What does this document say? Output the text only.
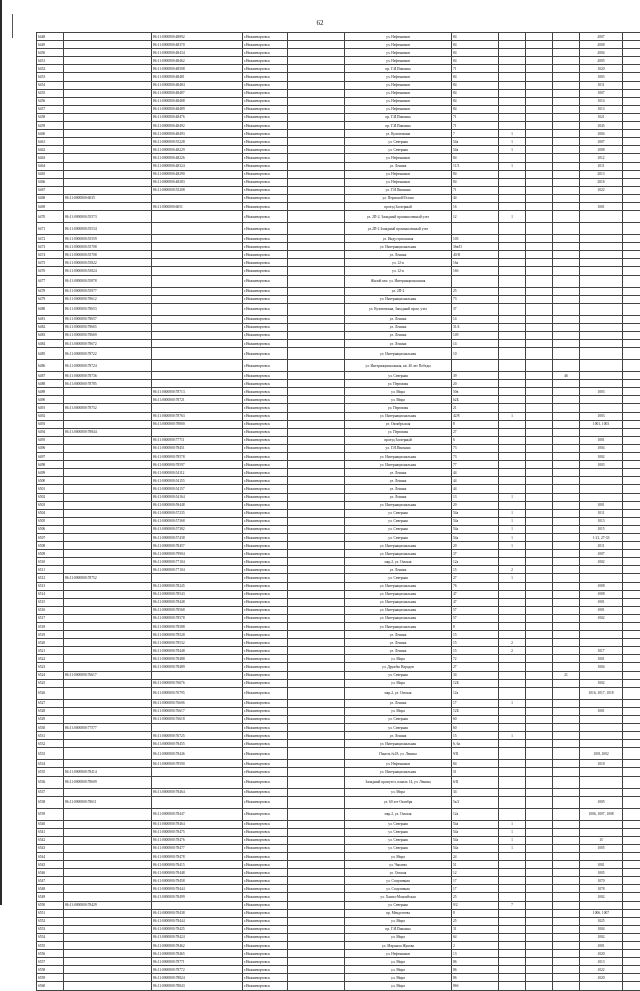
62
6448		86:11:0000000:48892	г.Нижневартовск		ул. Нефтяников	84				2007	
6449		86:11:0000000:48370	г.Нижневартовск		ул. Нефтяников	84				2008	
6450		86:11:0000000:48434	г.Нижневартовск		ул. Нефтяников	84				2004	
6451		86:11:0000000:48462	г.Нижневартовск		ул. Нефтяников	84				2005	
6452		86:11:0000000:48508	г.Нижневартовск		пр. Г.И.Пикмана	71				1020	
6453		86:11:0000000:48481	г.Нижневартовск		ул. Нефтяников	84				1003	
6454		86:11:0000000:48484	г.Нижневартовск		ул. Нефтяников	84				1011	
6455		86:11:0000000:48487	г.Нижневартовск		ул. Нефтяников	84				1007	
6456		86:11:0000000:48488	г.Нижневартовск		ул. Нефтяников	84				1014	
6457		86:11:0000000:48489	г.Нижневартовск		ул. Нефтяников	84				1013	
6458		86:11:0000000:48476	г.Нижневартовск		пр. Г.И.Пикмана	71				1021	
6459		86:11:0000000:48492	г.Нижневартовск		пр. Г.И.Пикмана	71				1045	
6460		86:11:0000000:48493	г.Нижневартовск		ул. Кузоваткина	7	1			1004	
6461		86:11:0000000:55228	г.Нижневартовск		ул. Северная	54а	1			1007	
6462		86:11:0000000:48229	г.Нижневартовск		ул. Северная	54а	1			1008	
6463		86:11:0000000:48226	г.Нижневартовск		ул. Нефтяников	84				1012	
6464		86:11:0000000:48324	г.Нижневартовск		ул. Ленина	11/3	1			1011	
6465		86:11:0000000:48290	г.Нижневартовск		ул. Нефтяников	84				2013	
6466		86:11:0000000:48283	г.Нижневартовск		ул. Нефтяников	84				2016	
6467		86:11:0000000:55208	г.Нижневартовск		ул. Г.И.Пикмана	71				1022	
6468	86:11:0000000:6035		г.Нижневартовск		ул. Пермской/Осени	44					
6469		86:11:0000000:6051	г.Нижневартовск		проезд Заозерный	16				1001	
6470	86:11:0000000:55573		г.Нижневартовск		ул. 2П-2, Западный промышленный узел	12	1				
6471	86:11:0000000:55534		г.Нижневартовск		ул.2П-2 Западный промышленный узел						
6472	86:11:0000000:55559		г.Нижневартовск		ул. Индустриальная	103					
6473	86:11:0000000:55708		г.Нижневартовск		ул. Интернациональная	36в/II					
6474	86:11:0000000:55708		г.Нижневартовск		ул. Ленина	40/II					
6475	86:11:0000000:55822		г.Нижневартовск		ул. 12-я	16а					
6476	86:11:0000000:55824		г.Нижневартовск		ул. 12-я	16б					
6477	86:11:0000000:55878		г.Нижневартовск		Жилой квл. ул. Интернациональная						
6478	86:11:0000000:55977		г.Нижневартовск		ул. 2П-2	25					
6479	86:11:0000000:78612		г.Нижневартовск		ул. Интернациональная	73					
6480	86:11:0000000:78653		г.Нижневартовск		ул. Кузоваткина, Западный пром. узел	37					
6481	86:11:0000000:78657		г.Нижневартовск		ул. Ленина	14					
6482	86:11:0000000:78665		г.Нижневартовск		ул. Ленина	31/4					
6483	86:11:0000000:78669		г.Нижневартовск		ул. Ленина	149					
6484	86:11:0000000:78672		г.Нижневартовск		ул. Ленина	14					
6485	86:11:0000000:78722		г.Нижневартовск		ул. Интернациональная	10					
6486	86:11:0000000:78724		г.Нижневартовск		ул. Интернациональная, кв. 40 лет Победы						
6487	86:11:0000000:78736		г.Нижневартовск		ул. Северная	39			46		
6488	86:11:0000000:78785		г.Нижневартовск		ул. Первомая	20					
6489		86:11:0000000:78713	г.Нижневартовск		ул. Мира	50в				1003	
6490		86:11:0000000:78721	г.Нижневартовск		ул. Мира	62Б					
6491	86:11:0000000:78752		г.Нижневартовск		ул. Первомая	21					
6492		86:11:0000000:78763	г.Нижневартовск		ул. Интернациональная	42/8	1			1003	
6493		86:11:0000000:78800	г.Нижневартовск		ул. Октябрьская	8				1001, 1003	
6494	86:11:0000000:78844		г.Нижневартовск		ул. Первомая	27					
6495		86:11:0000000:77711	г.Нижневартовск		проезд Заозерный	6				1001	
6496		86:11:0000000:78451	г.Нижневартовск		ул. Г.И.Пикмана	73				1004	
6497		86:11:0000000:78578	г.Нижневартовск		ул. Интернациональная	73				1002	
6498		86:11:0000000:78597	г.Нижневартовск		ул. Интернациональная	77				1003	
6499		86:11:0000000:54112	г.Нижневартовск		ул. Ленина	44					
6500		86:11:0000000:54155	г.Нижневартовск		ул. Ленина	44					
6501		86:11:0000000:54157	г.Нижневартовск		ул. Ленина	44					
6502		86:11:0000000:54164	г.Нижневартовск		ул. Ленина	13	1				
6503		86:11:0000000:59448	г.Нижневартовск		ул. Интернациональная	20				1001	
6504		86:11:0000000:57235	г.Нижневартовск		ул. Северная	54а	1			1011	
6505		86:11:0000000:57368	г.Нижневартовск		ул. Северная	54а	1			1013	
6506		86:11:0000000:57382	г.Нижневартовск		ул. Северная	54а	1			1015	
6507		86:11:0000000:57438	г.Нижневартовск		ул. Северная	54а	1			1-21, 27-33	
6508		86:11:0000000:78457	г.Нижневартовск		ул. Интернациональная	20	1			1011	
6509		86:11:0000000:79904	г.Нижневартовск		ул. Интернациональная	37				1007	
6510		86:11:0000000:77104	г.Нижневартовск		мкр.2, ул. Омская	12а				1002	
6511		86:11:0000000:77104	г.Нижневартовск		ул. Ленина	15	2				
6512	86:11:0000000:78752		г.Нижневартовск		ул. Северная	27	1				
6513		86:11:0000000:78245	г.Нижневартовск		ул. Интернациональная	76				1008	
6514		86:11:0000000:78543	г.Нижневартовск		ул. Интернациональная	47				1008	
6515		86:11:0000000:78448	г.Нижневартовск		ул. Интернациональная	47				1001	
6516		86:11:0000000:78568	г.Нижневартовск		ул. Интернациональная	57				1001	
6517		86:11:0000000:78578	г.Нижневартовск		ул. Интернациональная	57				1002	
6518		86:11:0000000:78588	г.Нижневартовск		ул. Интернациональная	8					
6519		86:11:0000000:78528	г.Нижневартовск		ул. Ленина	15					
6520		86:11:0000000:78532	г.Нижневартовск		ул. Ленина	15	2				
6521		86:11:0000000:78448	г.Нижневартовск		ул. Ленина	15	2			1017	
6522		86:11:0000000:78488	г.Нижневартовск		ул. Мира	72				1001	
6523		86:11:0000000:78489	г.Нижневартовск		ул. Дружбы Народов	27				1004	
6524	86:11:0000000:76617		г.Нижневартовск		ул. Северная	34			21		
6525		86:11:0000000:76676	г.Нижневартовск		ул. Мира	12Б				1002	
6526		86:11:0000000:76795	г.Нижневартовск		мкр.2, ул. Омская	12а				1016, 1017, 1018	
6527		86:11:0000000:76606	г.Нижневартовск		ул. Ленина	17	1				
6528		86:11:0000000:76617	г.Нижневартовск		ул. Мира	12Б				1001	
6529		86:11:0000000:76618	г.Нижневартовск		ул. Северная	60					
6530	86:11:0000000:77577		г.Нижневартовск		ул. Северная	60					
6531		86:11:0000000:76725	г.Нижневартовск		ул. Ленина	15	1				
6532		86:11:0000000:78455	г.Нижневартовск		ул. Интернациональная	6, 6а					
6533		86:11:0000000:78446	г.Нижневартовск		Панель №18, ул. Ленина	9/II				1001,1002	
6534		86:11:0000000:78590	г.Нижневартовск		ул. Нефтяников	84				1018	
6535	86:11:0000000:78414		г.Нижневартовск		ул. Интернациональная	51					
6536	86:11:0000000:78609		г.Нижневартовск		Западный промузел, панель 14, ул. Ленина	6/II					
6537		86:11:0000000:78464	г.Нижневартовск		ул. Мира	34					
6538	86:11:0000000:78611		г.Нижневартовск		ул. 60 лет Октября	5а/2				1005	
6539		86:11:0000000:78447	г.Нижневартовск		мкр.2, ул. Омская	12а				1006, 1007, 1008	
6540		86:11:0000000:78464	г.Нижневартовск		ул. Северная	54а	1				
6541		86:11:0000000:78475	г.Нижневартовск		ул. Северная	54а	1				
6542		86:11:0000000:78476	г.Нижневартовск		ул. Северная	54а	1			15	
6543		86:11:0000000:78477	г.Нижневартовск		ул. Северная	54а	1			1005	
6544		86:11:0000000:78478	г.Нижневартовск		ул. Мира	24					
6545		86:11:0000000:78415	г.Нижневартовск		ул. Чапаева	51				1001	
6546		86:11:0000000:78448	г.Нижневартовск		ул. Омская	12				1005	
6547		86:11:0000000:78458	г.Нижневартовск		ул. Спортивная	17				1070	
6548		86:11:0000000:78444	г.Нижневартовск		ул. Спортивная	17				1078	
6549		86:11:0000000:78499	г.Нижневартовск		ул. Ханты-Мансийская	25				1002	
6550	86:11:0000000:78429		г.Нижневартовск		ул. Северная	9/2	7				
6551		86:11:0000000:78438	г.Нижневартовск		пр. Менделеева	8				1006, 1007	
6552		86:11:0000000:78444	г.Нижневартовск		ул. Мира	25				1025	
6553		86:11:0000000:78425	г.Нижневартовск		пр. Г.И.Пикмана	31				1004	
6554		86:11:0000000:78424	г.Нижневартовск		ул. Мира	64				1002	
6555		86:11:0000000:78462	г.Нижневартовск		ул. Маршала Жукова	2				1001	
6556		86:11:0000000:78465	г.Нижневартовск		ул. Нефтяников	13				1020	
6557		86:11:0000000:78771	г.Нижневартовск		ул. Мира	86				1013	
6558		86:11:0000000:78772	г.Нижневартовск		ул. Мира	86				1022	
6559		86:11:0000000:78824	г.Нижневартовск		ул. Мира	86				1020	
6560		86:11:0000000:78843	г.Нижневартовск		ул. Мира	86б					
